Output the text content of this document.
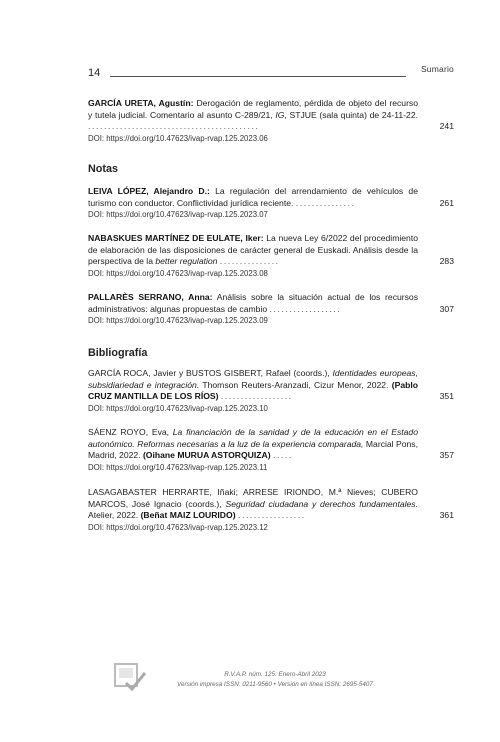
14	Sumario
GARCÍA URETA, Agustín: Derogación de reglamento, pérdida de objeto del recurso y tutela judicial. Comentario al asunto C-289/21, IG, STJUE (sala quinta) de 24-11-22. ...........................................	241
DOI: https://doi.org/10.47623/ivap-rvap.125.2023.06
Notas
LEIVA LÓPEZ, Alejandro D.: La regulación del arrendamiento de vehículos de turismo con conductor. Conflictividad jurídica reciente. ...............	261
DOI: https://doi.org/10.47623/ivap-rvap.125.2023.07
NABASKUES MARTÍNEZ DE EULATE, Iker: La nueva Ley 6/2022 del procedimiento de elaboración de las disposiciones de carácter general de Euskadi. Análisis desde la perspectiva de la better regulation ...............	283
DOI: https://doi.org/10.47623/ivap-rvap.125.2023.08
PALLARÈS SERRANO, Anna: Análisis sobre la situación actual de los recursos administrativos: algunas propuestas de cambio ..................	307
DOI: https://doi.org/10.47623/ivap-rvap.125.2023.09
Bibliografía
GARCÍA ROCA, Javier y BUSTOS GISBERT, Rafael (coords.), Identidades europeas, subsidiariedad e integración. Thomson Reuters-Aranzadi, Cizur Menor, 2022. (Pablo CRUZ MANTILLA DE LOS RÍOS) ..................	351
DOI: https://doi.org/10.47623/ivap-rvap.125.2023.10
SÁENZ ROYO, Eva, La financiación de la sanidad y de la educación en el Estado autonómico. Reformas necesarias a la luz de la experiencia comparada, Marcial Pons, Madrid, 2022. (Oihane MURUA ASTORQUIZA) .....	357
DOI: https://doi.org/10.47623/ivap-rvap.125.2023.11
LASAGABASTER HERRARTE, Iñaki; ARRESE IRIONDO, M.ª Nieves; CUBERO MARCOS, José Ignacio (coords.), Seguridad ciudadana y derechos fundamentales. Atelier, 2022. (Beñat MAIZ LOURIDO) .................	361
DOI: https://doi.org/10.47623/ivap-rvap.125.2023.12
R.V.A.P. núm. 125. Enero-Abril 2023
Versión impresa ISSN: 0211-9560 • Versión en línea ISSN: 2695-5407
